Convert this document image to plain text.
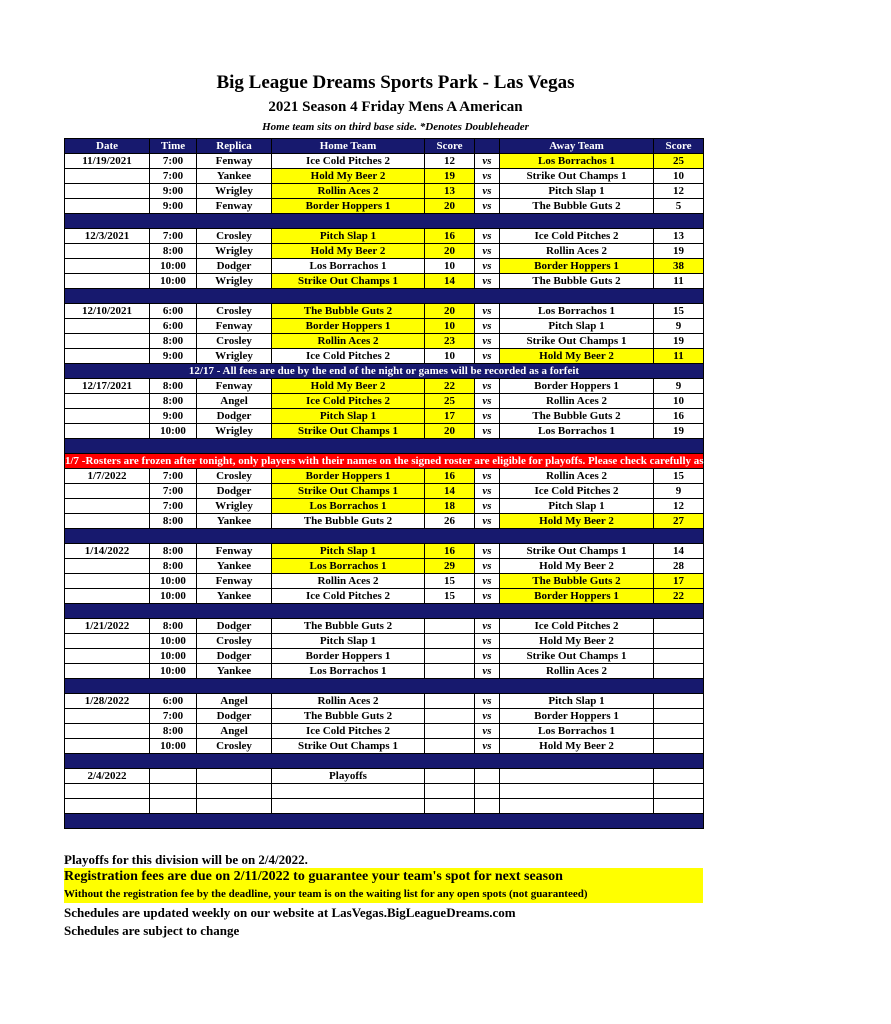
Big League Dreams Sports Park - Las Vegas
2021 Season 4 Friday Mens A American
Home team sits on third base side. *Denotes Doubleheader
Date	Time	Replica	Home Team	Score		Away Team	Score
11/19/2021	7:00	Fenway	Ice Cold Pitches 2	12	vs	Los Borrachos 1	25
	7:00	Yankee	Hold My Beer 2	19	vs	Strike Out Champs 1	10
	9:00	Wrigley	Rollin Aces 2	13	vs	Pitch Slap 1	12
	9:00	Fenway	Border Hoppers 1	20	vs	The Bubble Guts 2	5

12/3/2021	7:00	Crosley	Pitch Slap 1	16	vs	Ice Cold Pitches 2	13
	8:00	Wrigley	Hold My Beer 2	20	vs	Rollin Aces 2	19
	10:00	Dodger	Los Borrachos 1	10	vs	Border Hoppers 1	38
	10:00	Wrigley	Strike Out Champs 1	14	vs	The Bubble Guts 2	11

12/10/2021	6:00	Crosley	The Bubble Guts 2	20	vs	Los Borrachos 1	15
	6:00	Fenway	Border Hoppers 1	10	vs	Pitch Slap 1	9
	8:00	Crosley	Rollin Aces 2	23	vs	Strike Out Champs 1	19
	9:00	Wrigley	Ice Cold Pitches 2	10	vs	Hold My Beer 2	11
12/17 - All fees are due by the end of the night or games will be recorded as a forfeit							
12/17/2021	8:00	Fenway	Hold My Beer 2	22	vs	Border Hoppers 1	9
	8:00	Angel	Ice Cold Pitches 2	25	vs	Rollin Aces 2	10
	9:00	Dodger	Pitch Slap 1	17	vs	The Bubble Guts 2	16
	10:00	Wrigley	Strike Out Champs 1	20	vs	Los Borrachos 1	19

1/7 -Rosters are frozen after tonight, only players with their names on the signed roster are eligible for playoffs. Please check carefully as changes will not be made for omissions.							
1/7/2022	7:00	Crosley	Border Hoppers 1	16	vs	Rollin Aces 2	15
	7:00	Dodger	Strike Out Champs 1	14	vs	Ice Cold Pitches 2	9
	7:00	Wrigley	Los Borrachos 1	18	vs	Pitch Slap 1	12
	8:00	Yankee	The Bubble Guts 2	26	vs	Hold My Beer 2	27

1/14/2022	8:00	Fenway	Pitch Slap 1	16	vs	Strike Out Champs 1	14
	8:00	Yankee	Los Borrachos 1	29	vs	Hold My Beer 2	28
	10:00	Fenway	Rollin Aces 2	15	vs	The Bubble Guts 2	17
	10:00	Yankee	Ice Cold Pitches 2	15	vs	Border Hoppers 1	22

1/21/2022	8:00	Dodger	The Bubble Guts 2		vs	Ice Cold Pitches 2	
	10:00	Crosley	Pitch Slap 1		vs	Hold My Beer 2	
	10:00	Dodger	Border Hoppers 1		vs	Strike Out Champs 1	
	10:00	Yankee	Los Borrachos 1		vs	Rollin Aces 2	

1/28/2022	6:00	Angel	Rollin Aces 2		vs	Pitch Slap 1	
	7:00	Dodger	The Bubble Guts 2		vs	Border Hoppers 1	
	8:00	Angel	Ice Cold Pitches 2		vs	Los Borrachos 1	
	10:00	Crosley	Strike Out Champs 1		vs	Hold My Beer 2	

2/4/2022			Playoffs				

Playoffs for this division will be on 2/4/2022.
Registration fees are due on 2/11/2022 to guarantee your team's spot for next season
Without the registration fee by the deadline, your team is on the waiting list for any open spots (not guaranteed)
Schedules are updated weekly on our website at LasVegas.BigLeagueDreams.com
Schedules are subject to change
